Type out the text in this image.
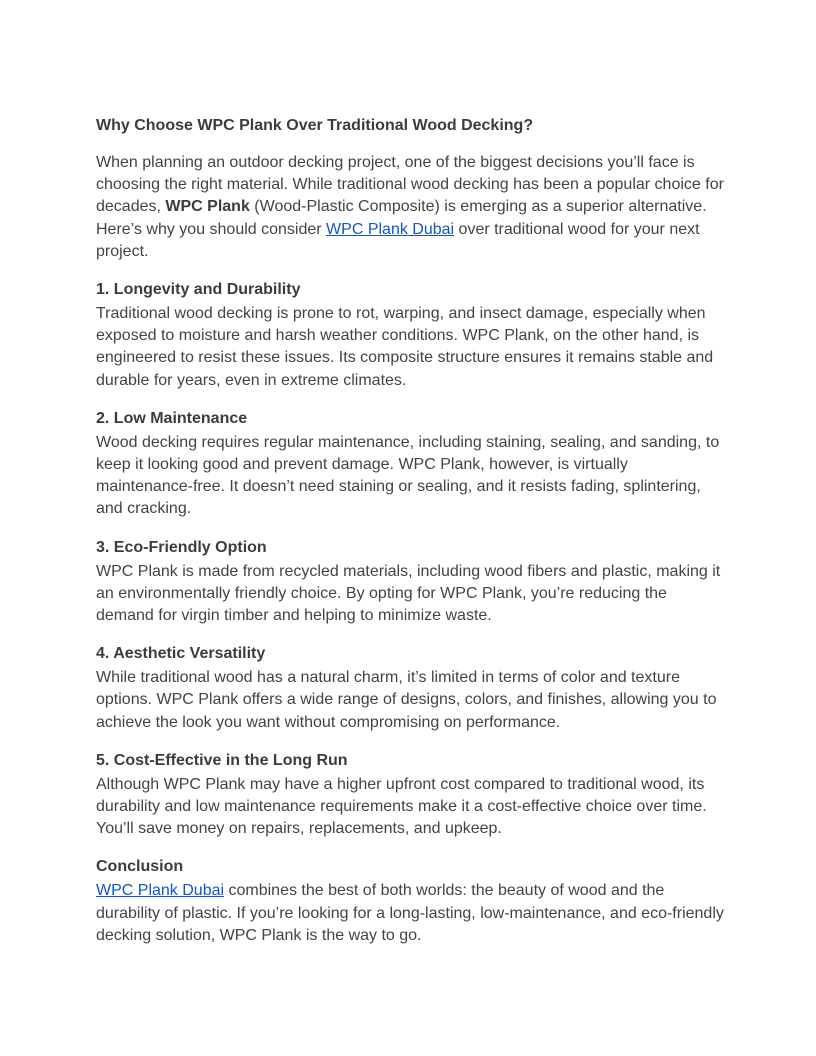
Why Choose WPC Plank Over Traditional Wood Decking?

When planning an outdoor decking project, one of the biggest decisions you’ll face is choosing the right material. While traditional wood decking has been a popular choice for decades, WPC Plank (Wood-Plastic Composite) is emerging as a superior alternative. Here’s why you should consider WPC Plank Dubai over traditional wood for your next project.

1. Longevity and Durability

Traditional wood decking is prone to rot, warping, and insect damage, especially when exposed to moisture and harsh weather conditions. WPC Plank, on the other hand, is engineered to resist these issues. Its composite structure ensures it remains stable and durable for years, even in extreme climates.

2. Low Maintenance

Wood decking requires regular maintenance, including staining, sealing, and sanding, to keep it looking good and prevent damage. WPC Plank, however, is virtually maintenance-free. It doesn’t need staining or sealing, and it resists fading, splintering, and cracking.

3. Eco-Friendly Option

WPC Plank is made from recycled materials, including wood fibers and plastic, making it an environmentally friendly choice. By opting for WPC Plank, you’re reducing the demand for virgin timber and helping to minimize waste.

4. Aesthetic Versatility

While traditional wood has a natural charm, it’s limited in terms of color and texture options. WPC Plank offers a wide range of designs, colors, and finishes, allowing you to achieve the look you want without compromising on performance.

5. Cost-Effective in the Long Run

Although WPC Plank may have a higher upfront cost compared to traditional wood, its durability and low maintenance requirements make it a cost-effective choice over time. You’ll save money on repairs, replacements, and upkeep.

Conclusion

WPC Plank Dubai combines the best of both worlds: the beauty of wood and the durability of plastic. If you’re looking for a long-lasting, low-maintenance, and eco-friendly decking solution, WPC Plank is the way to go.
